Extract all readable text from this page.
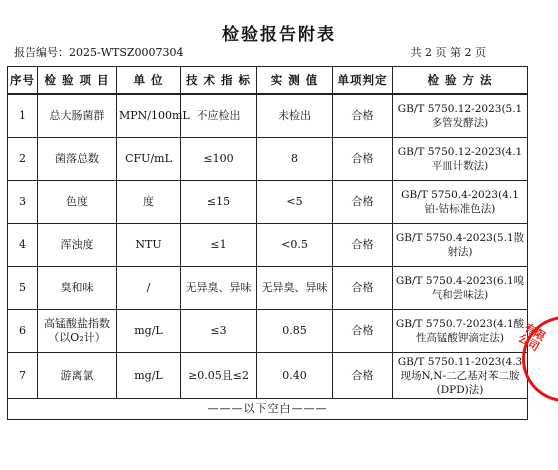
检验报告附表
报告编号：2025-WTSZ0007304	共 2 页 第 2 页
序号	检 验 项 目	单 位	技 术 指 标	实 测 值	单项判定	检 验 方 法
1	总大肠菌群	MPN/100mL	不应检出	未检出	合格	GB/T 5750.12-2023(5.1多管发酵法)
2	菌落总数	CFU/mL	≤100	8	合格	GB/T 5750.12-2023(4.1平皿计数法)
3	色度	度	≤15	<5	合格	GB/T 5750.4-2023(4.1铂-钴标准色法)
4	浑浊度	NTU	≤1	<0.5	合格	GB/T 5750.4-2023(5.1散射法)
5	臭和味	/	无异臭、异味	无异臭、异味	合格	GB/T 5750.4-2023(6.1嗅气和尝味法)
6	高锰酸盐指数（以O₂计）	mg/L	≤3	0.85	合格	GB/T 5750.7-2023(4.1酸性高锰酸钾滴定法)
7	游离氯	mg/L	≥0.05且≤2	0.40	合格	GB/T 5750.11-2023(4.3现场N,N-二乙基对苯二胺(DPD)法)
———以下空白———						
有限公司
